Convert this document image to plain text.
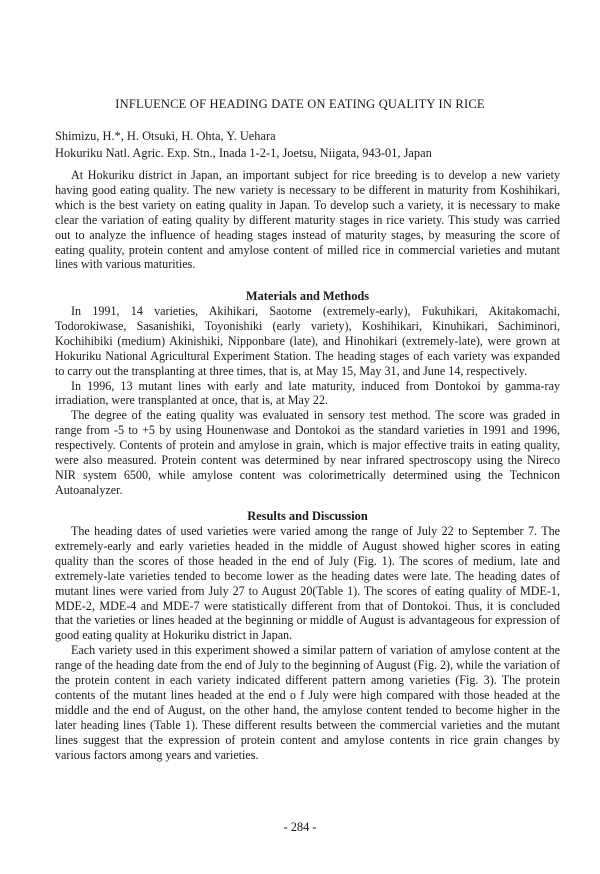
INFLUENCE OF HEADING DATE ON EATING QUALITY IN RICE
Shimizu, H.*, H. Otsuki, H. Ohta, Y. Uehara
Hokuriku Natl. Agric. Exp. Stn., Inada 1-2-1, Joetsu, Niigata, 943-01, Japan

At Hokuriku district in Japan, an important subject for rice breeding is to develop a new variety having good eating quality. The new variety is necessary to be different in maturity from Koshihikari, which is the best variety on eating quality in Japan. To develop such a variety, it is necessary to make clear the variation of eating quality by different maturity stages in rice variety. This study was carried out to analyze the influence of heading stages instead of maturity stages, by measuring the score of eating quality, protein content and amylose content of milled rice in commercial varieties and mutant lines with various maturities.

Materials and Methods

In 1991, 14 varieties, Akihikari, Saotome (extremely-early), Fukuhikari, Akitakomachi, Todorokiwase, Sasanishiki, Toyonishiki (early variety), Koshihikari, Kinuhikari, Sachiminori, Kochihibiki (medium) Akinishiki, Nipponbare (late), and Hinohikari (extremely-late), were grown at Hokuriku National Agricultural Experiment Station. The heading stages of each variety was expanded to carry out the transplanting at three times, that is, at May 15, May 31, and June 14, respectively.

In 1996, 13 mutant lines with early and late maturity, induced from Dontokoi by gamma-ray irradiation, were transplanted at once, that is, at May 22.

The degree of the eating quality was evaluated in sensory test method. The score was graded in range from -5 to +5 by using Hounenwase and Dontokoi as the standard varieties in 1991 and 1996, respectively. Contents of protein and amylose in grain, which is major effective traits in eating quality, were also measured. Protein content was determined by near infrared spectroscopy using the Nireco NIR system 6500, while amylose content was colorimetrically determined using the Technicon Autoanalyzer.

Results and Discussion

The heading dates of used varieties were varied among the range of July 22 to September 7. The extremely-early and early varieties headed in the middle of August showed higher scores in eating quality than the scores of those headed in the end of July (Fig. 1). The scores of medium, late and extremely-late varieties tended to become lower as the heading dates were late. The heading dates of mutant lines were varied from July 27 to August 20(Table 1). The scores of eating quality of MDE-1, MDE-2, MDE-4 and MDE-7 were statistically different from that of Dontokoi. Thus, it is concluded that the varieties or lines headed at the beginning or middle of August is advantageous for expression of good eating quality at Hokuriku district in Japan.

Each variety used in this experiment showed a similar pattern of variation of amylose content at the range of the heading date from the end of July to the beginning of August (Fig. 2), while the variation of the protein content in each variety indicated different pattern among varieties (Fig. 3). The protein contents of the mutant lines headed at the end o f July were high compared with those headed at the middle and the end of August, on the other hand, the amylose content tended to become higher in the later heading lines (Table 1). These different results between the commercial varieties and the mutant lines suggest that the expression of protein content and amylose contents in rice grain changes by various factors among years and varieties.

- 284 -
